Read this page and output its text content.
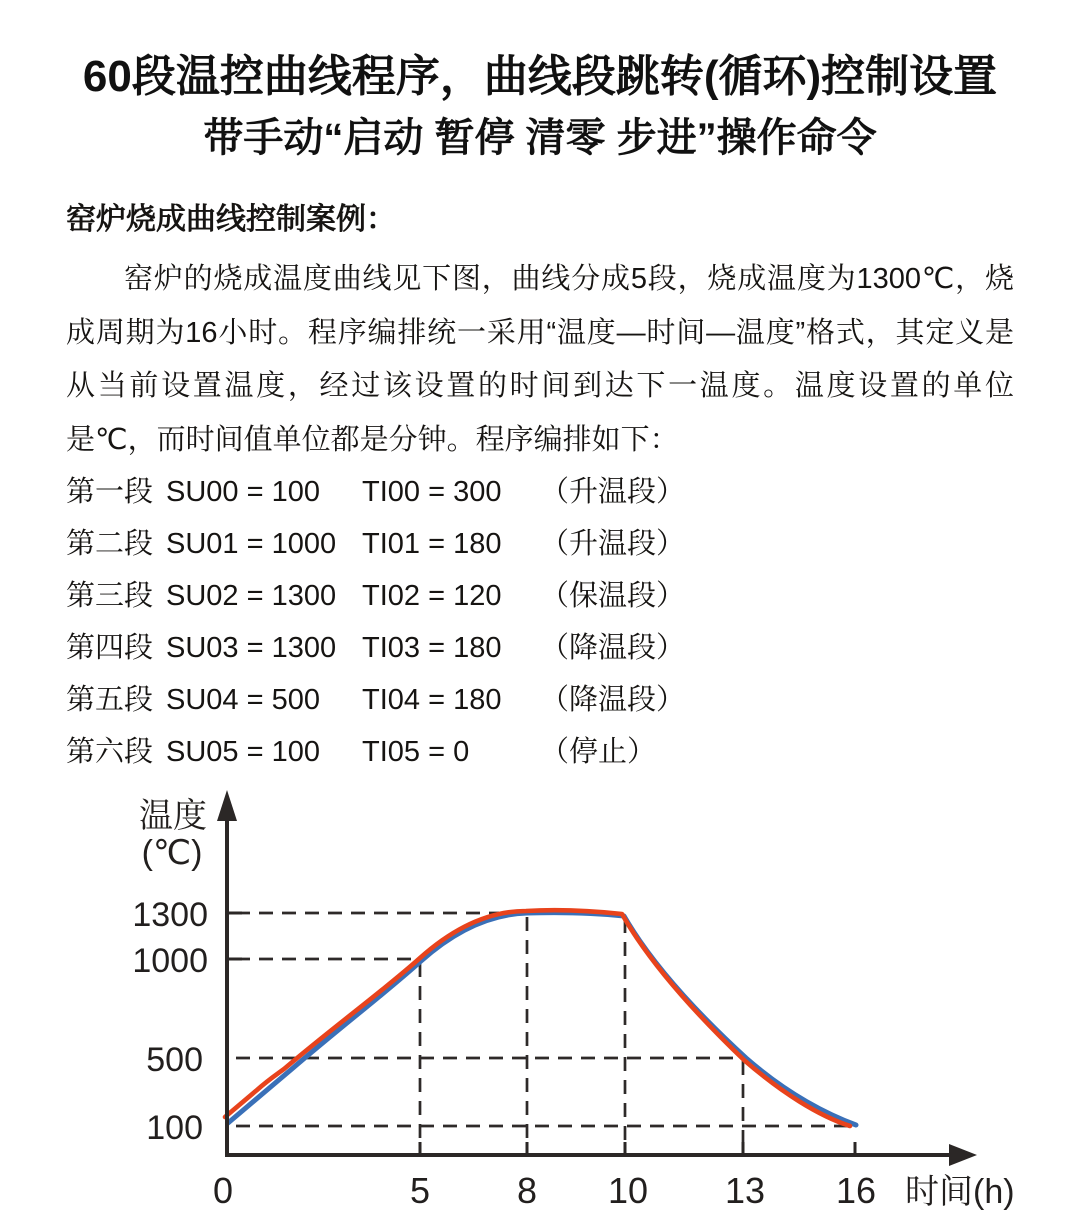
60段温控曲线程序，曲线段跳转(循环)控制设置
带手动“启动 暂停 清零 步进”操作命令
窑炉烧成曲线控制案例：

窑炉的烧成温度曲线见下图，曲线分成5段，烧成温度为1300℃，烧成周期为16小时。程序编排统一采用“温度—时间—温度”格式，其定义是从当前设置温度，经过该设置的时间到达下一温度。温度设置的单位是℃，而时间值单位都是分钟。程序编排如下：

第一段 SU00 = 100	TI00 = 300	（升温段）
第二段 SU01 = 1000 TI01 = 180	（升温段）
第三段 SU02 = 1300 TI02 = 120	（保温段）
第四段 SU03 = 1300 TI03 = 180	（降温段）
第五段 SU04 = 500	TI04 = 180	（降温段）
第六段 SU05 = 100	TI05 = 0	（停止）
温度
(℃)
时间(h)
1300
1000
500
100
0	5 8 10 13 16
